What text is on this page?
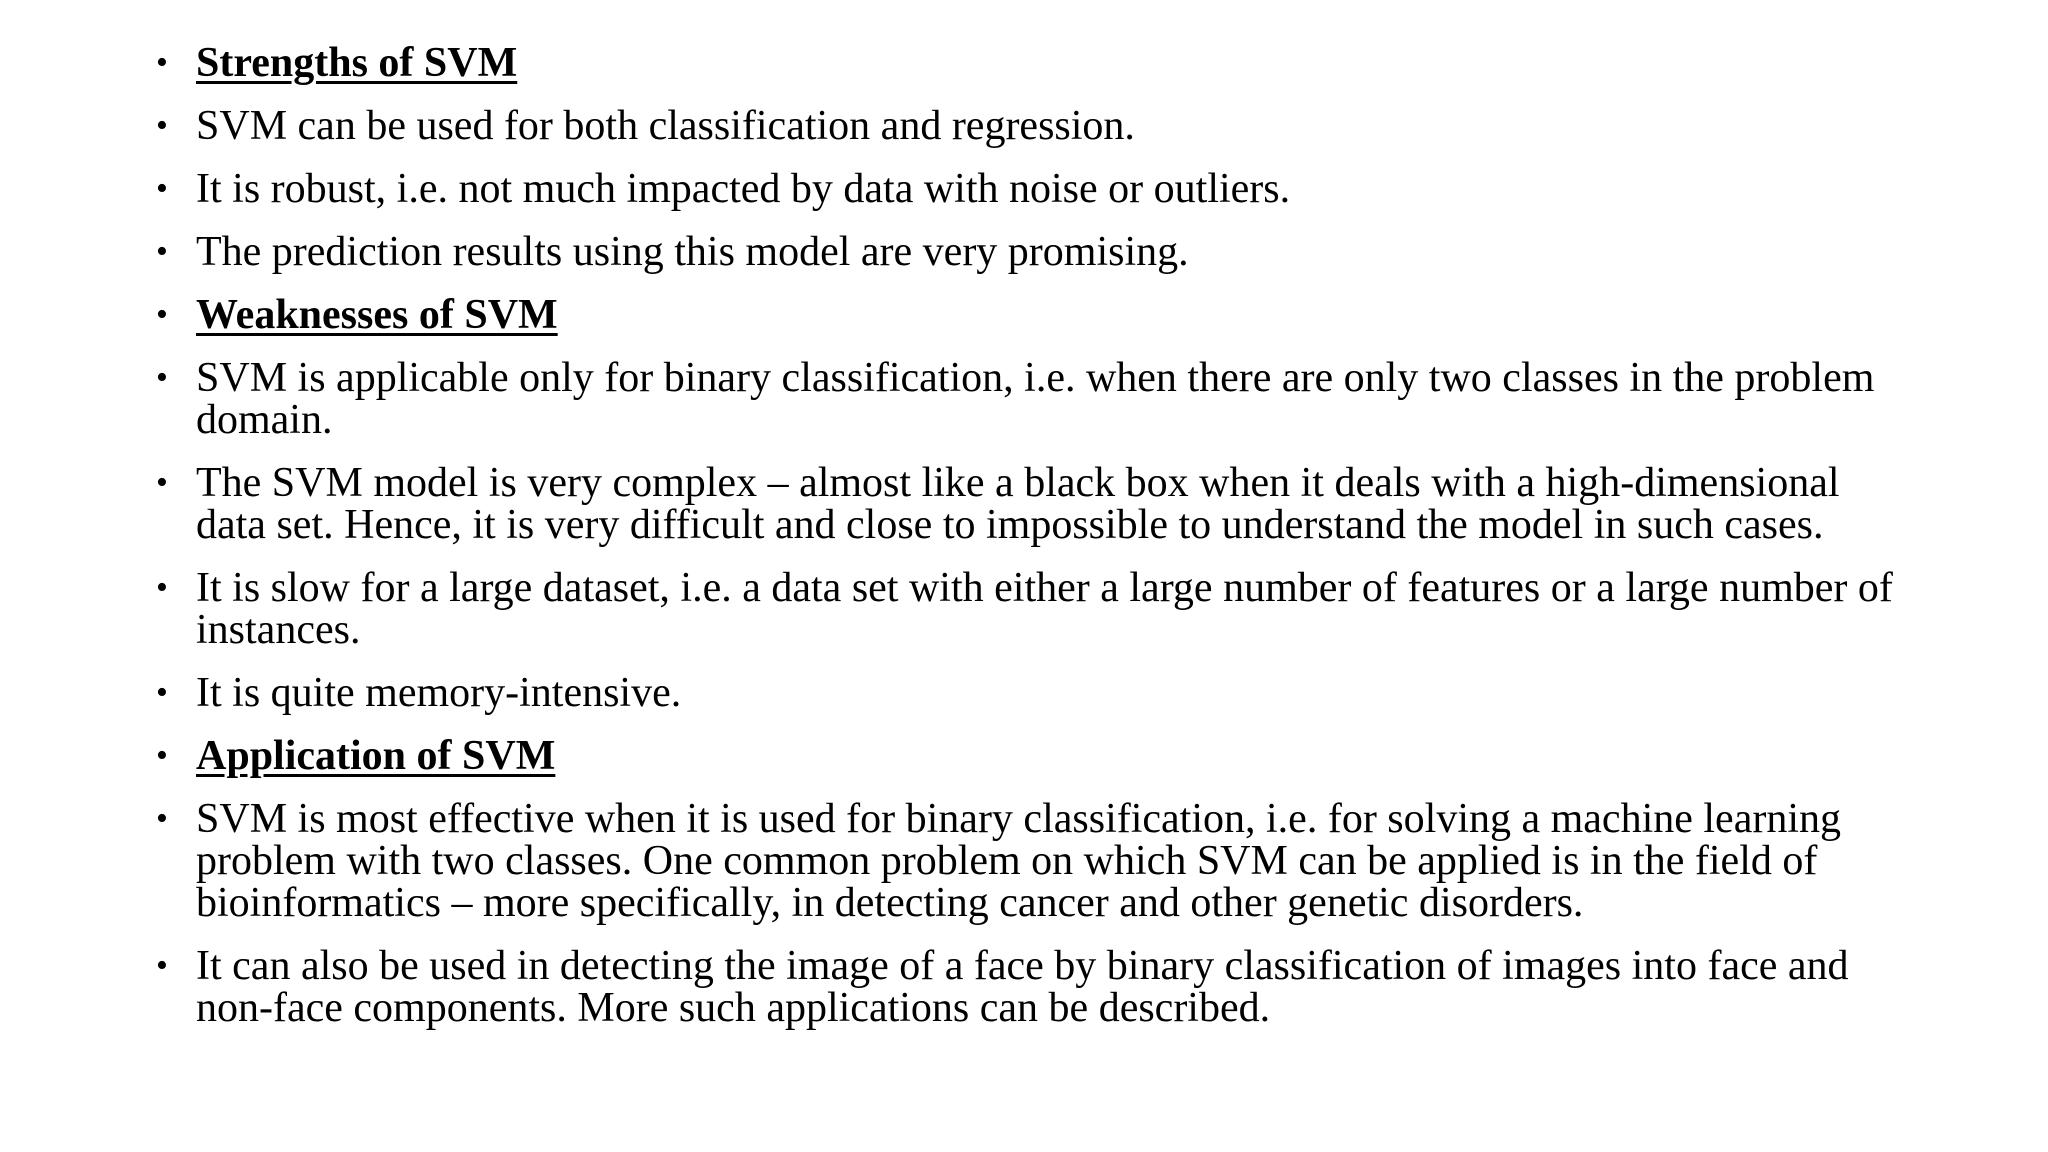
• Strengths of SVM
• SVM can be used for both classification and regression.
• It is robust, i.e. not much impacted by data with noise or outliers.
• The prediction results using this model are very promising.
• Weaknesses of SVM
• SVM is applicable only for binary classification, i.e. when there are only two classes in the problem domain.
• The SVM model is very complex – almost like a black box when it deals with a high-dimensional data set. Hence, it is very difficult and close to impossible to understand the model in such cases.
• It is slow for a large dataset, i.e. a data set with either a large number of features or a large number of instances.
• It is quite memory-intensive.
• Application of SVM
• SVM is most effective when it is used for binary classification, i.e. for solving a machine learning problem with two classes. One common problem on which SVM can be applied is in the field of bioinformatics – more specifically, in detecting cancer and other genetic disorders.
• It can also be used in detecting the image of a face by binary classification of images into face and non-face components. More such applications can be described.
